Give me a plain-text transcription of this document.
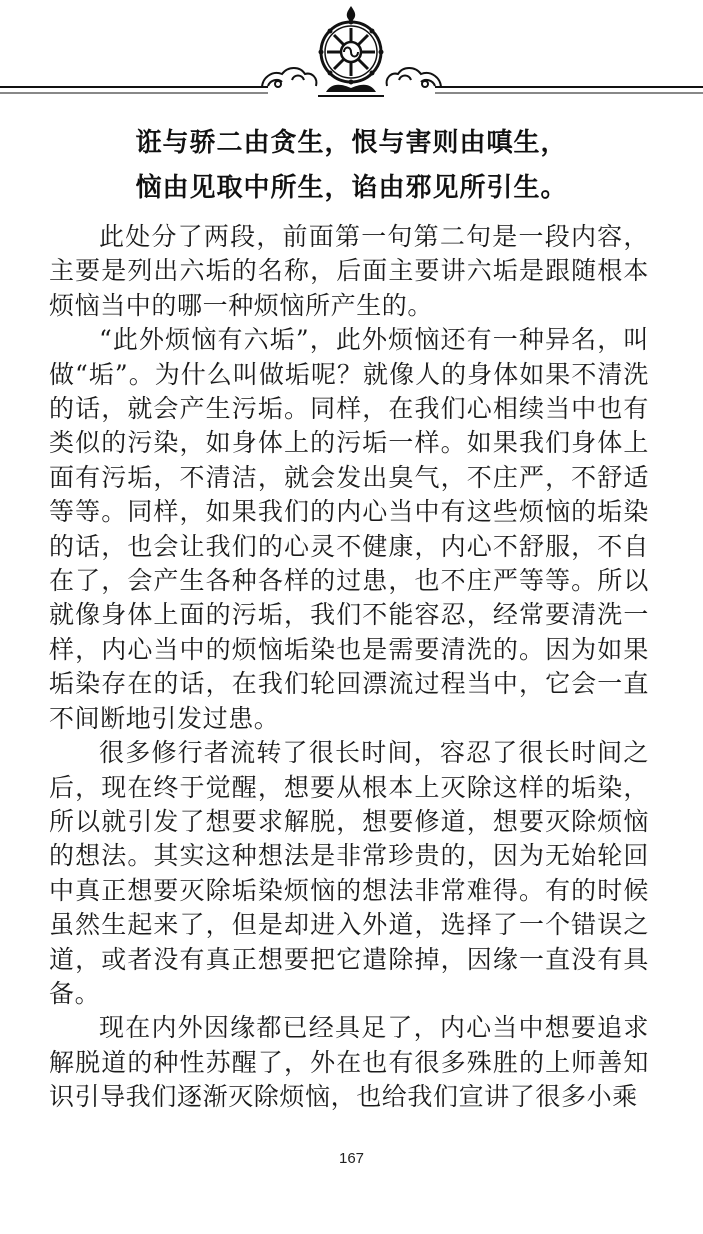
诳与骄二由贪生，恨与害则由嗔生，
恼由见取中所生，谄由邪见所引生。

此处分了两段，前面第一句第二句是一段内容，主要是列出六垢的名称，后面主要讲六垢是跟随根本烦恼当中的哪一种烦恼所产生的。

“此外烦恼有六垢”，此外烦恼还有一种异名，叫做“垢”。为什么叫做垢呢？就像人的身体如果不清洗的话，就会产生污垢。同样，在我们心相续当中也有类似的污染，如身体上的污垢一样。如果我们身体上面有污垢，不清洁，就会发出臭气，不庄严，不舒适等等。同样，如果我们的内心当中有这些烦恼的垢染的话，也会让我们的心灵不健康，内心不舒服，不自在了，会产生各种各样的过患，也不庄严等等。所以就像身体上面的污垢，我们不能容忍，经常要清洗一样，内心当中的烦恼垢染也是需要清洗的。因为如果垢染存在的话，在我们轮回漂流过程当中，它会一直不间断地引发过患。

很多修行者流转了很长时间，容忍了很长时间之后，现在终于觉醒，想要从根本上灭除这样的垢染，所以就引发了想要求解脱，想要修道，想要灭除烦恼的想法。其实这种想法是非常珍贵的，因为无始轮回中真正想要灭除垢染烦恼的想法非常难得。有的时候虽然生起来了，但是却进入外道，选择了一个错误之道，或者没有真正想要把它遣除掉，因缘一直没有具备。

现在内外因缘都已经具足了，内心当中想要追求解脱道的种性苏醒了，外在也有很多殊胜的上师善知识引导我们逐渐灭除烦恼，也给我们宣讲了很多小乘

167
